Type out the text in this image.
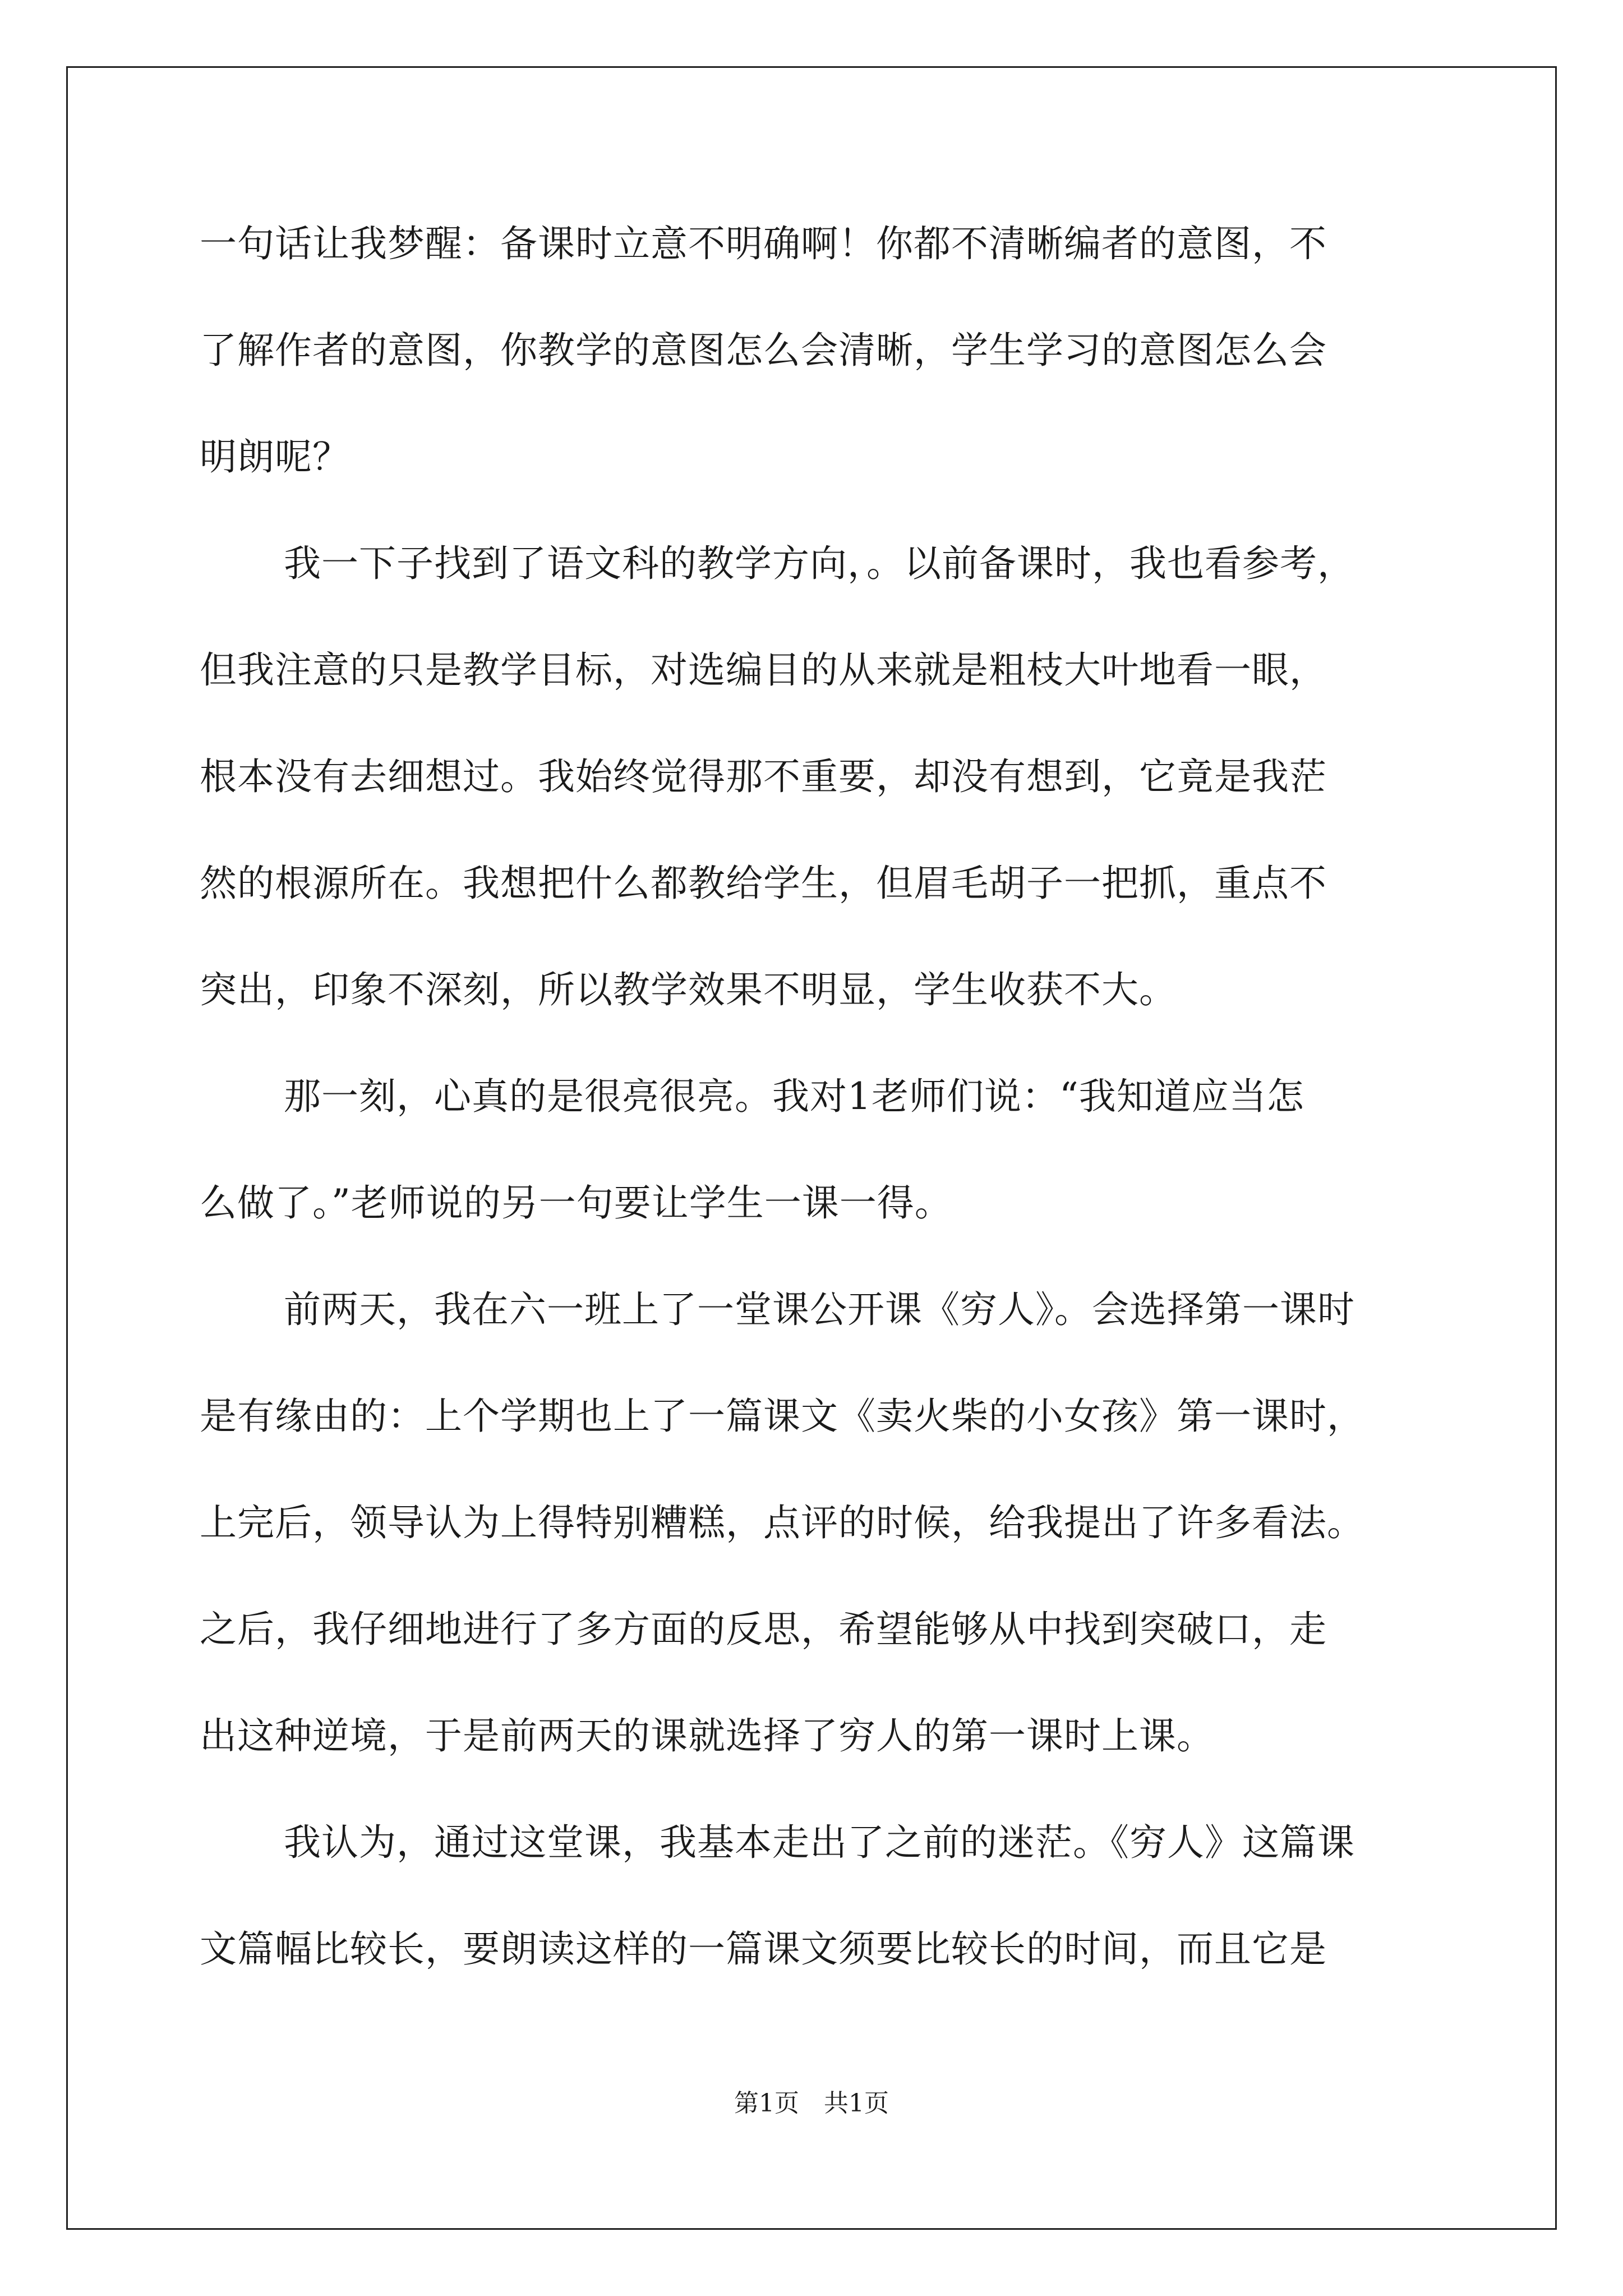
一句话让我梦醒：备课时立意不明确啊！你都不清晰编者的意图，不
了解作者的意图，你教学的意图怎么会清晰，学生学习的意图怎么会
明朗呢？
我一下子找到了语文科的教学方向，。以前备课时，我也看参考，
但我注意的只是教学目标，对选编目的从来就是粗枝大叶地看一眼，
根本没有去细想过。我始终觉得那不重要，却没有想到，它竟是我茫
然的根源所在。我想把什么都教给学生，但眉毛胡子一把抓，重点不
突出，印象不深刻，所以教学效果不明显，学生收获不大。
那一刻，心真的是很亮很亮。我对1老师们说：“我知道应当怎
么做了。”老师说的另一句要让学生一课一得。
前两天，我在六一班上了一堂课公开课《穷人》。会选择第一课时
是有缘由的：上个学期也上了一篇课文《卖火柴的小女孩》第一课时，
上完后，领导认为上得特别糟糕，点评的时候，给我提出了许多看法。
之后，我仔细地进行了多方面的反思，希望能够从中找到突破口，走
出这种逆境，于是前两天的课就选择了穷人的第一课时上课。
我认为，通过这堂课，我基本走出了之前的迷茫。《穷人》这篇课
文篇幅比较长，要朗读这样的一篇课文须要比较长的时间，而且它是
第1页　共1页
